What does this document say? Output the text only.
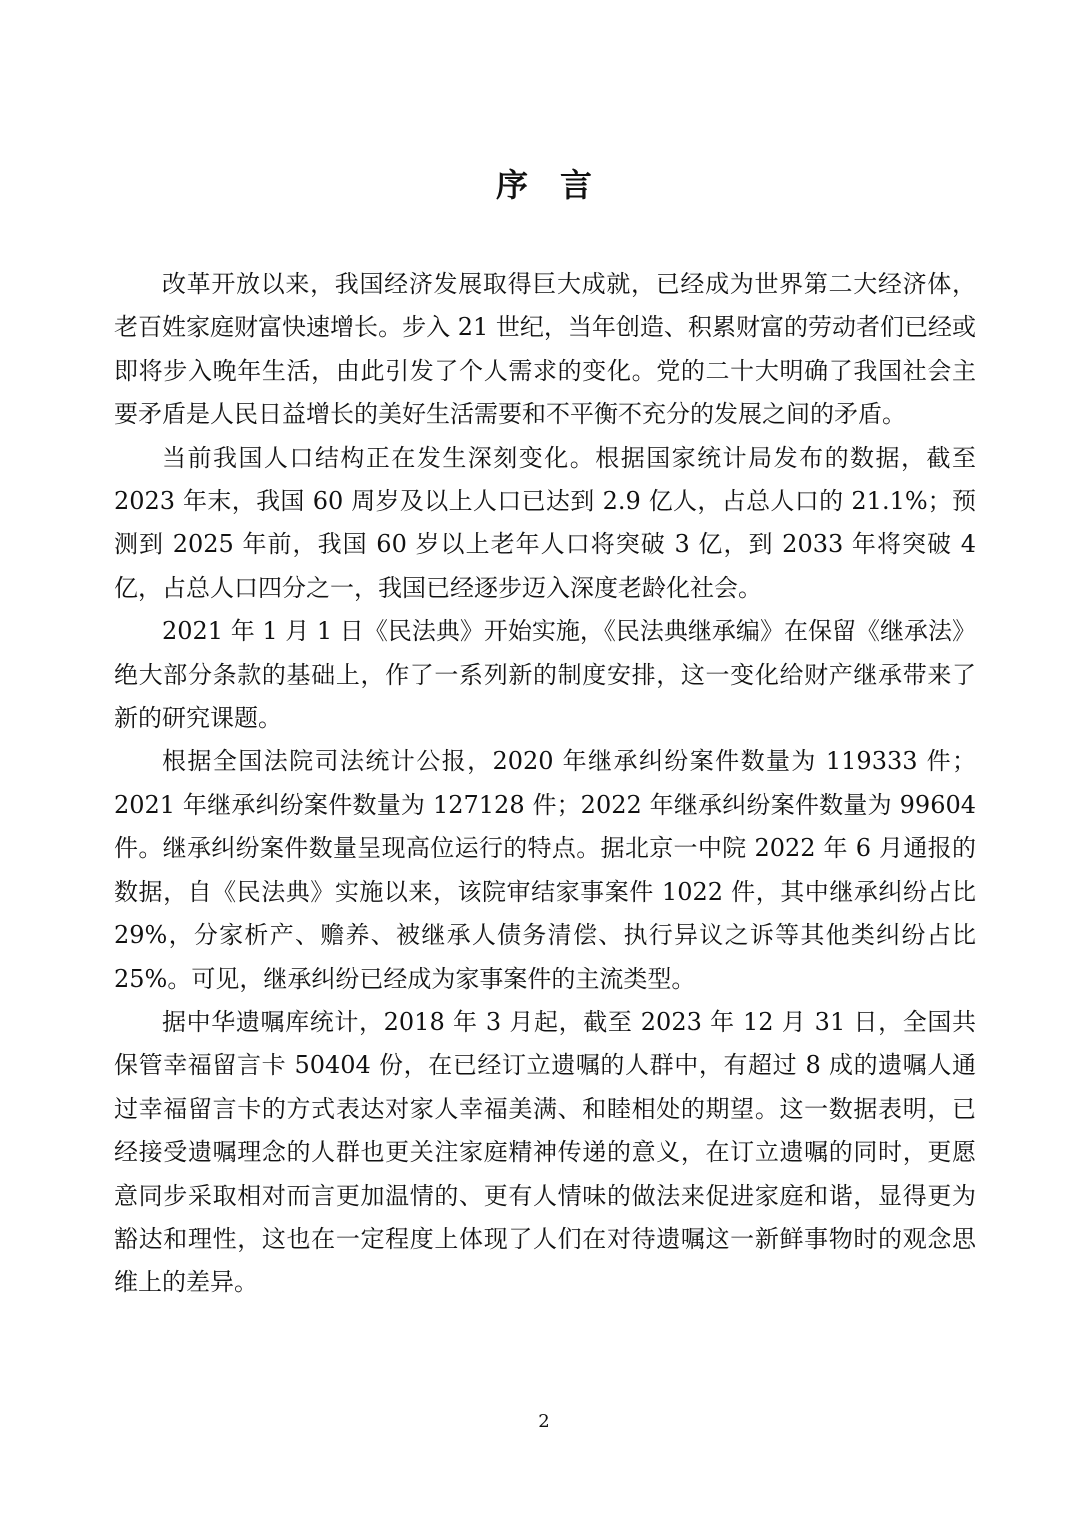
序言

改革开放以来，我国经济发展取得巨大成就，已经成为世界第二大经济体，老百姓家庭财富快速增长。步入 21 世纪，当年创造、积累财富的劳动者们已经或即将步入晚年生活，由此引发了个人需求的变化。党的二十大明确了我国社会主要矛盾是人民日益增长的美好生活需要和不平衡不充分的发展之间的矛盾。

当前我国人口结构正在发生深刻变化。根据国家统计局发布的数据，截至 2023 年末，我国 60 周岁及以上人口已达到 2.9 亿人，占总人口的 21.1%；预测到 2025 年前，我国 60 岁以上老年人口将突破 3 亿，到 2033 年将突破 4 亿，占总人口四分之一，我国已经逐步迈入深度老龄化社会。

2021 年 1 月 1 日《民法典》开始实施，《民法典继承编》在保留《继承法》绝大部分条款的基础上，作了一系列新的制度安排，这一变化给财产继承带来了新的研究课题。

根据全国法院司法统计公报，2020 年继承纠纷案件数量为 119333 件；2021 年继承纠纷案件数量为 127128 件；2022 年继承纠纷案件数量为 99604 件。继承纠纷案件数量呈现高位运行的特点。据北京一中院 2022 年 6 月通报的数据，自《民法典》实施以来，该院审结家事案件 1022 件，其中继承纠纷占比 29%，分家析产、赡养、被继承人债务清偿、执行异议之诉等其他类纠纷占比 25%。可见，继承纠纷已经成为家事案件的主流类型。

据中华遗嘱库统计，2018 年 3 月起，截至 2023 年 12 月 31 日，全国共保管幸福留言卡 50404 份，在已经订立遗嘱的人群中，有超过 8 成的遗嘱人通过幸福留言卡的方式表达对家人幸福美满、和睦相处的期望。这一数据表明，已经接受遗嘱理念的人群也更关注家庭精神传递的意义，在订立遗嘱的同时，更愿意同步采取相对而言更加温情的、更有人情味的做法来促进家庭和谐，显得更为豁达和理性，这也在一定程度上体现了人们在对待遗嘱这一新鲜事物时的观念思维上的差异。

2
